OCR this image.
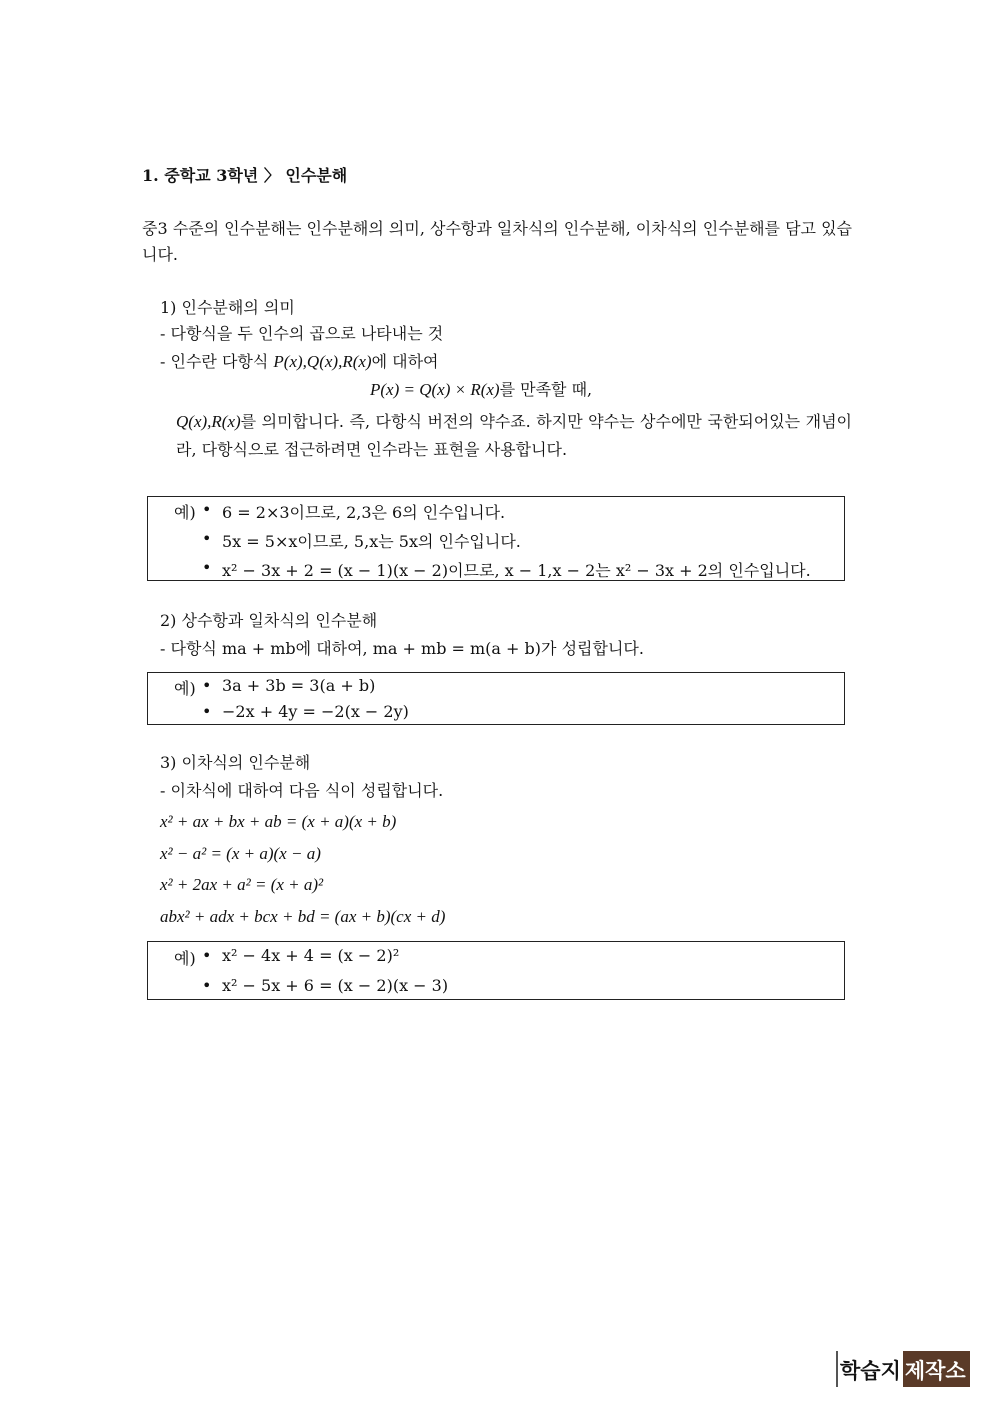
1. 중학교 3학년 〉 인수분해
중3 수준의 인수분해는 인수분해의 의미, 상수항과 일차식의 인수분해, 이차식의 인수분해를 담고 있습니다.
1) 인수분해의 의미
- 다항식을 두 인수의 곱으로 나타내는 것
- 인수란 다항식 P(x),Q(x),R(x)에 대하여
P(x) = Q(x) × R(x)를 만족할 때,
Q(x),R(x)를 의미합니다. 즉, 다항식 버전의 약수죠. 하지만 약수는 상수에만 국한되어있는 개념이라, 다항식으로 접근하려면 인수라는 표현을 사용합니다.
예) • 6 = 2×3이므로, 2,3은 6의 인수입니다.
• 5x = 5×x이므로, 5,x는 5x의 인수입니다.
• x² − 3x + 2 = (x − 1)(x − 2)이므로, x − 1,x − 2는 x² − 3x + 2의 인수입니다.
2) 상수항과 일차식의 인수분해
- 다항식 ma + mb에 대하여, ma + mb = m(a + b)가 성립합니다.
예) • 3a + 3b = 3(a + b)
• −2x + 4y = −2(x − 2y)
3) 이차식의 인수분해
- 이차식에 대하여 다음 식이 성립합니다.
x² + ax + bx + ab = (x + a)(x + b)
x² − a² = (x + a)(x − a)
x² + 2ax + a² = (x + a)²
abx² + adx + bcx + bd = (ax + b)(cx + d)
예) • x² − 4x + 4 = (x − 2)²
• x² − 5x + 6 = (x − 2)(x − 3)
학습지 제작소
